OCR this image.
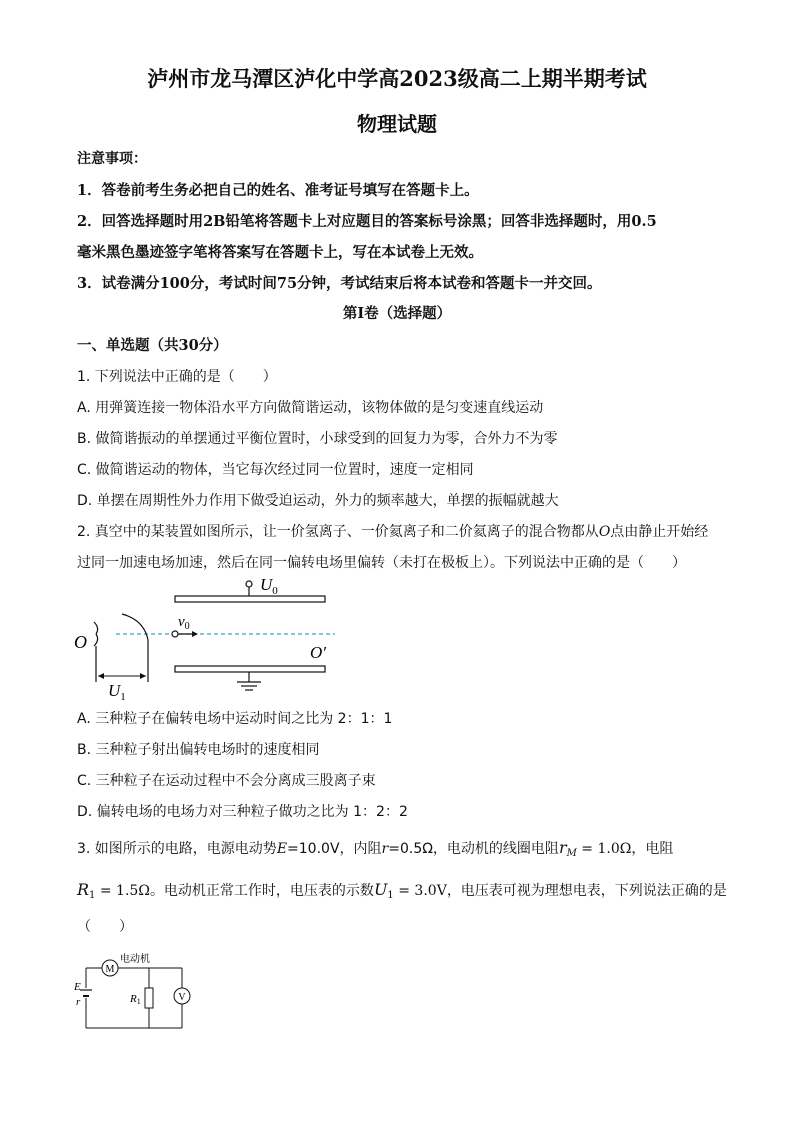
泸州市龙马潭区泸化中学高2023级高二上期半期考试
物理试题
注意事项：
1．答卷前考生务必把自己的姓名、准考证号填写在答题卡上。
2．回答选择题时用2B铅笔将答题卡上对应题目的答案标号涂黑；回答非选择题时，用0.5
毫米黑色墨迹签字笔将答案写在答题卡上，写在本试卷上无效。
3．试卷满分100分，考试时间75分钟，考试结束后将本试卷和答题卡一并交回。
第I卷（选择题）
一、单选题（共30分）
1. 下列说法中正确的是（　　）
A. 用弹簧连接一物体沿水平方向做简谐运动，该物体做的是匀变速直线运动
B. 做简谐振动的单摆通过平衡位置时，小球受到的回复力为零，合外力不为零
C. 做简谐运动的物体，当它每次经过同一位置时，速度一定相同
D. 单摆在周期性外力作用下做受迫运动，外力的频率越大，单摆的振幅就越大
2. 真空中的某装置如图所示，让一价氢离子、一价氦离子和二价氦离子的混合物都从O点由静止开始经
过同一加速电场加速，然后在同一偏转电场里偏转（未打在极板上）。下列说法中正确的是（　　）
$U_0$
$U_1$
O
$v_0$
O′
A. 三种粒子在偏转电场中运动时间之比为 2：1：1
B. 三种粒子射出偏转电场时的速度相同
C. 三种粒子在运动过程中不会分离成三股离子束
D. 偏转电场的电场力对三种粒子做功之比为 1：2：2
3. 如图所示的电路，电源电动势E=10.0V，内阻r=0.5Ω，电动机的线圈电阻$r_M = 1.0\Omega$，电阻
$R_1 = 1.5\Omega$。电动机正常工作时，电压表的示数$U_1 = 3.0V$，电压表可视为理想电表，下列说法正确的是
（　　）
E
r
M
电动机
R1	V
